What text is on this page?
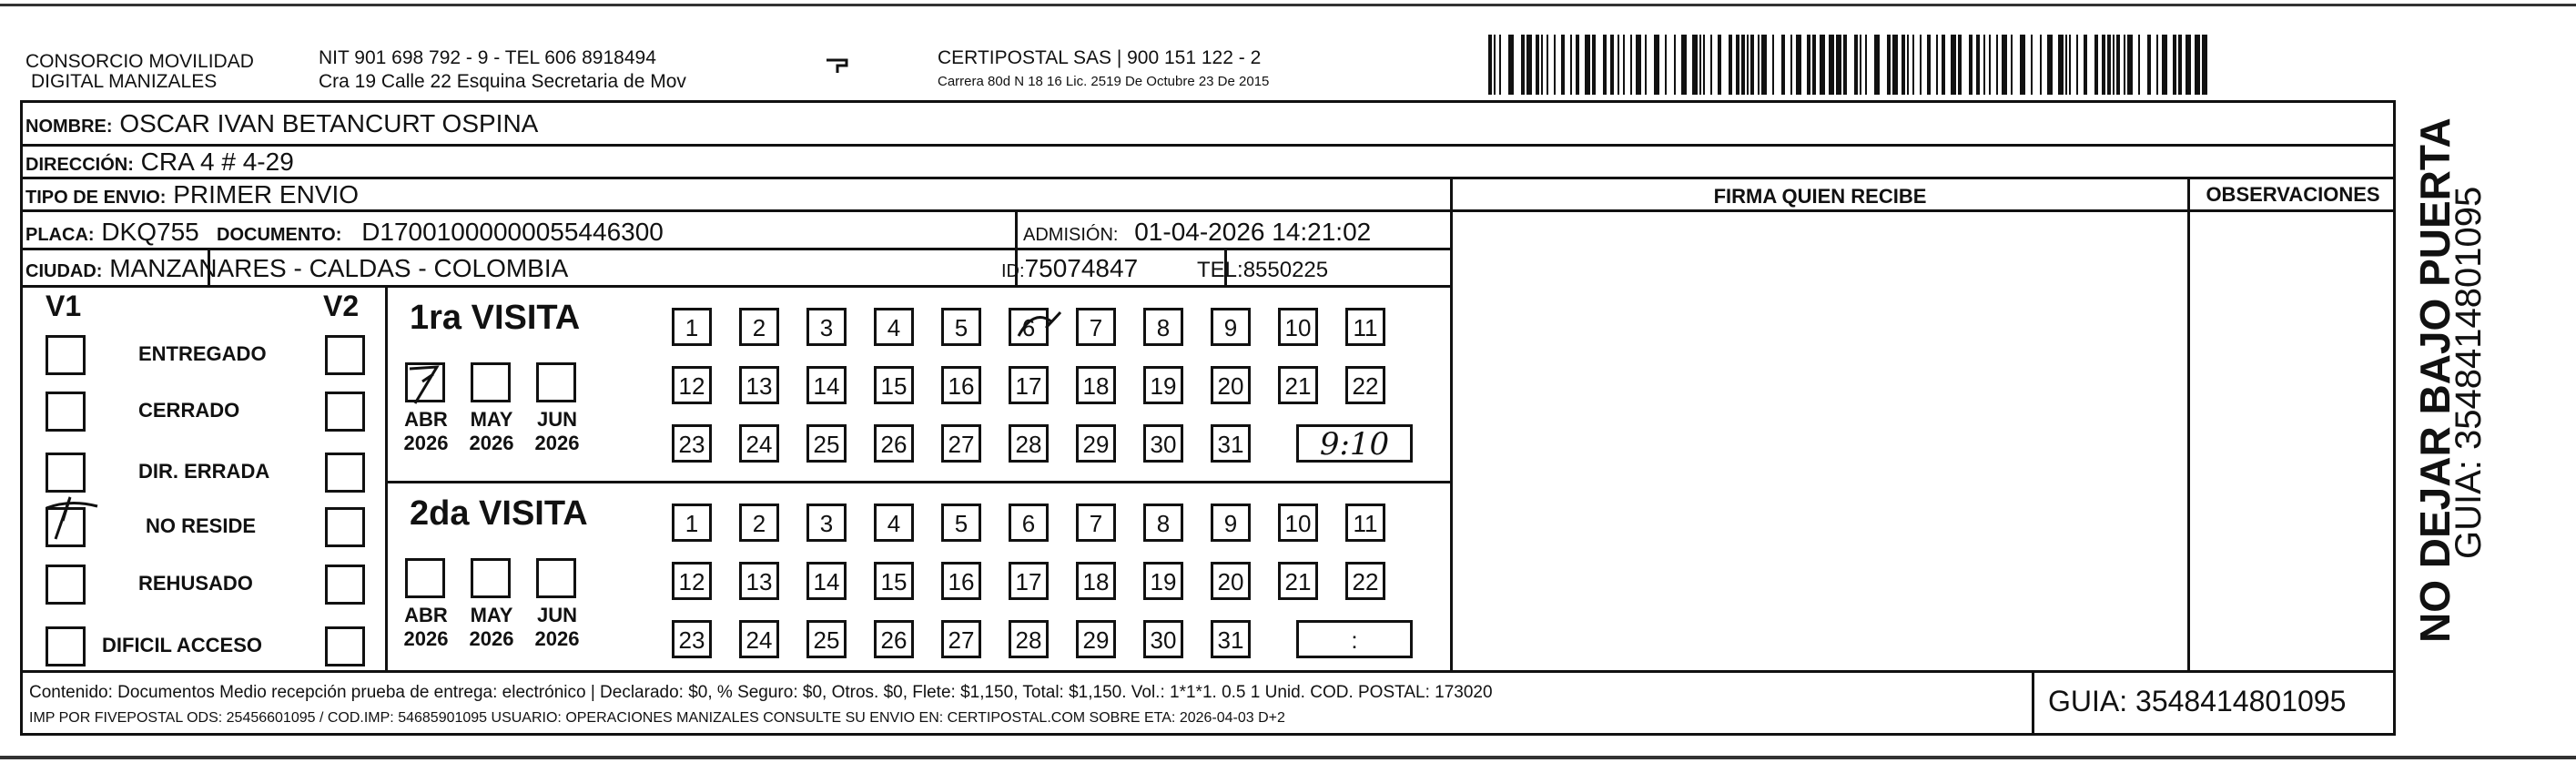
CONSORCIO MOVILIDAD
DIGITAL MANIZALES
NIT 901 698 792 - 9 - TEL 606 8918494
Cra 19 Calle 22 Esquina Secretaria de Mov
CERTIPOSTAL SAS | 900 151 122 - 2
Carrera 80d N 18 16 Lic. 2519 De Octubre 23 De 2015
NOMBRE: OSCAR IVAN BETANCURT OSPINA
DIRECCIÓN: CRA 4 # 4-29
TIPO DE ENVIO: PRIMER ENVIO
PLACA: DKQ755 DOCUMENTO: D17001000000055446300	ADMISIÓN: 01-04-2026 14:21:02
CIUDAD: MANZANARES - CALDAS - COLOMBIA	ID:75074847	TEL:8550225
FIRMA QUIEN RECIBE	OBSERVACIONES
V1	V2
ENTREGADO
CERRADO
DIR. ERRADA
NO RESIDE
REHUSADO
DIFICIL ACCESO
1ra VISITA
ABR
2026
MAY
2026
JUN
2026
1	2	3	4	5	6	7	8	9	10	11
12 13 14 15 16 17 18 19 20 21 22
23 24 25 26 27 28 29 30 31	9:10
2da VISITA
ABR
2026
MAY
2026
JUN
2026
1	2	3	4	5	6	7	8	9	10	11
12 13 14 15 16 17 18 19 20 21 22
23 24 25 26 27 28 29 30 31	:
Contenido: Documentos Medio recepción prueba de entrega: electrónico | Declarado: $0, % Seguro: $0, Otros. $0, Flete: $1,150, Total: $1,150. Vol.: 1*1*1. 0.5 1 Unid. COD. POSTAL: 173020
IMP POR FIVEPOSTAL ODS: 25456601095 / COD.IMP: 54685901095 USUARIO: OPERACIONES MANIZALES CONSULTE SU ENVIO EN: CERTIPOSTAL.COM SOBRE ETA: 2026-04-03 D+2
GUIA: 3548414801095
NO DEJAR BAJO PUERTA
GUIA: 3548414801095
